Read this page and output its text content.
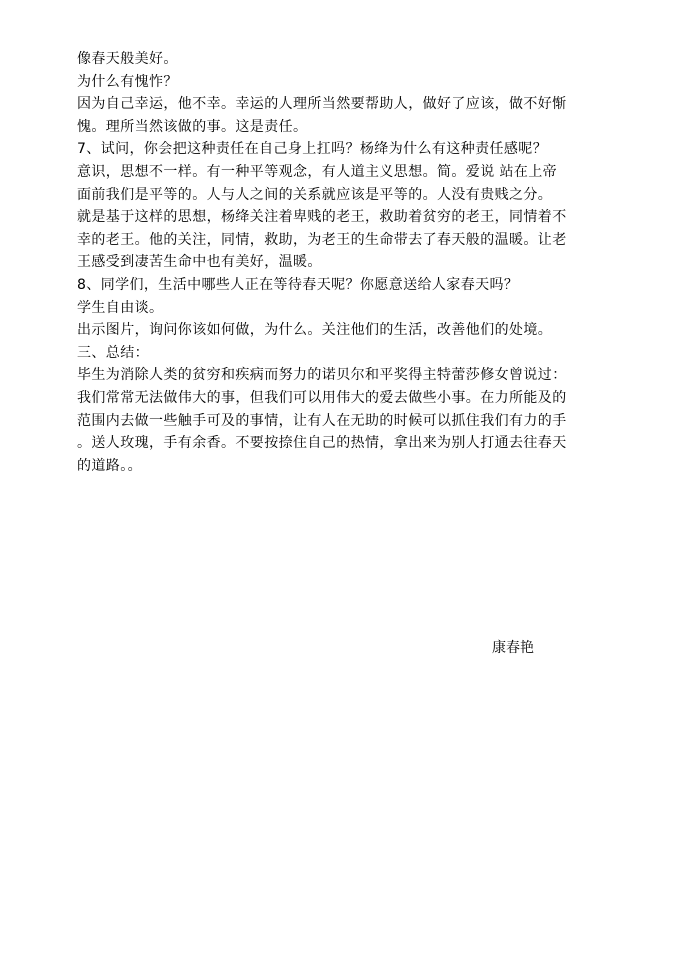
像春天般美好。
为什么有愧怍？
因为自己幸运，他不幸。幸运的人理所当然要帮助人，做好了应该，做不好惭
愧。理所当然该做的事。这是责任。
7、试问，你会把这种责任在自己身上扛吗？杨绛为什么有这种责任感呢？
意识，思想不一样。有一种平等观念，有人道主义思想。简。爱说 站在上帝
面前我们是平等的。人与人之间的关系就应该是平等的。人没有贵贱之分。
就是基于这样的思想，杨绛关注着卑贱的老王，救助着贫穷的老王，同情着不
幸的老王。他的关注，同情，救助，为老王的生命带去了春天般的温暖。让老
王感受到凄苦生命中也有美好，温暖。
8、同学们，生活中哪些人正在等待春天呢？你愿意送给人家春天吗？
学生自由谈。
出示图片，询问你该如何做，为什么。关注他们的生活，改善他们的处境。
三、总结：
毕生为消除人类的贫穷和疾病而努力的诺贝尔和平奖得主特蕾莎修女曾说过：
我们常常无法做伟大的事，但我们可以用伟大的爱去做些小事。在力所能及的
范围内去做一些触手可及的事情，让有人在无助的时候可以抓住我们有力的手
。送人玫瑰，手有余香。不要按捺住自己的热情，拿出来为别人打通去往春天
的道路。。
康春艳
